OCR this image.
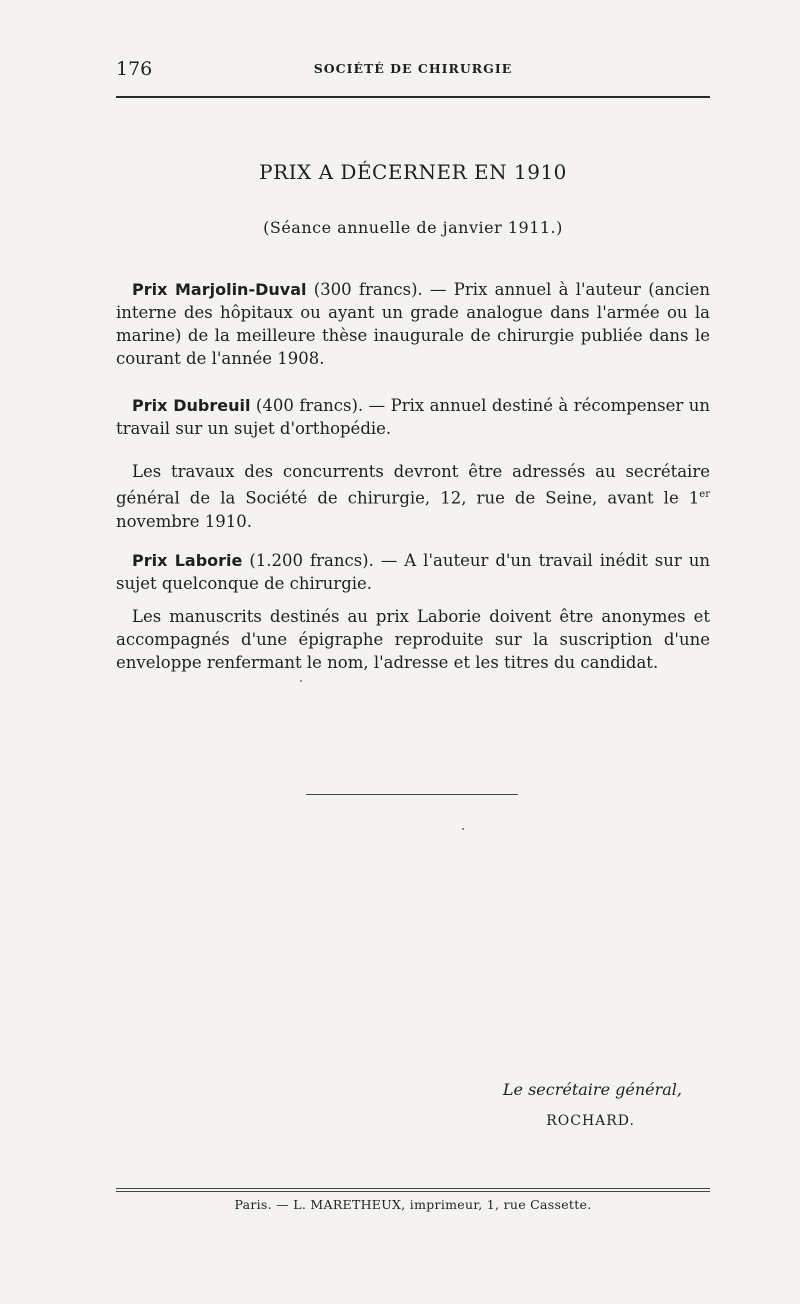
176	SOCIÉTÉ DE CHIRURGIE
PRIX A DÉCERNER EN 1910
(Séance annuelle de janvier 1911.)

Prix Marjolin-Duval (300 francs). — Prix annuel à l'auteur (ancien interne des hôpitaux ou ayant un grade analogue dans l'armée ou la marine) de la meilleure thèse inaugurale de chirurgie publiée dans le courant de l'année 1908.

Prix Dubreuil (400 francs). — Prix annuel destiné à récompenser un travail sur un sujet d'orthopédie.

Les travaux des concurrents devront être adressés au secrétaire général de la Société de chirurgie, 12, rue de Seine, avant le 1er novembre 1910.

Prix Laborie (1.200 francs). — A l'auteur d'un travail inédit sur un sujet quelconque de chirurgie.

Les manuscrits destinés au prix Laborie doivent être anonymes et accompagnés d'une épigraphe reproduite sur la suscription d'une enveloppe renfermant le nom, l'adresse et les titres du candidat.

Le secrétaire général,
ROCHARD.
Paris. — L. MARETHEUX, imprimeur, 1, rue Cassette.
